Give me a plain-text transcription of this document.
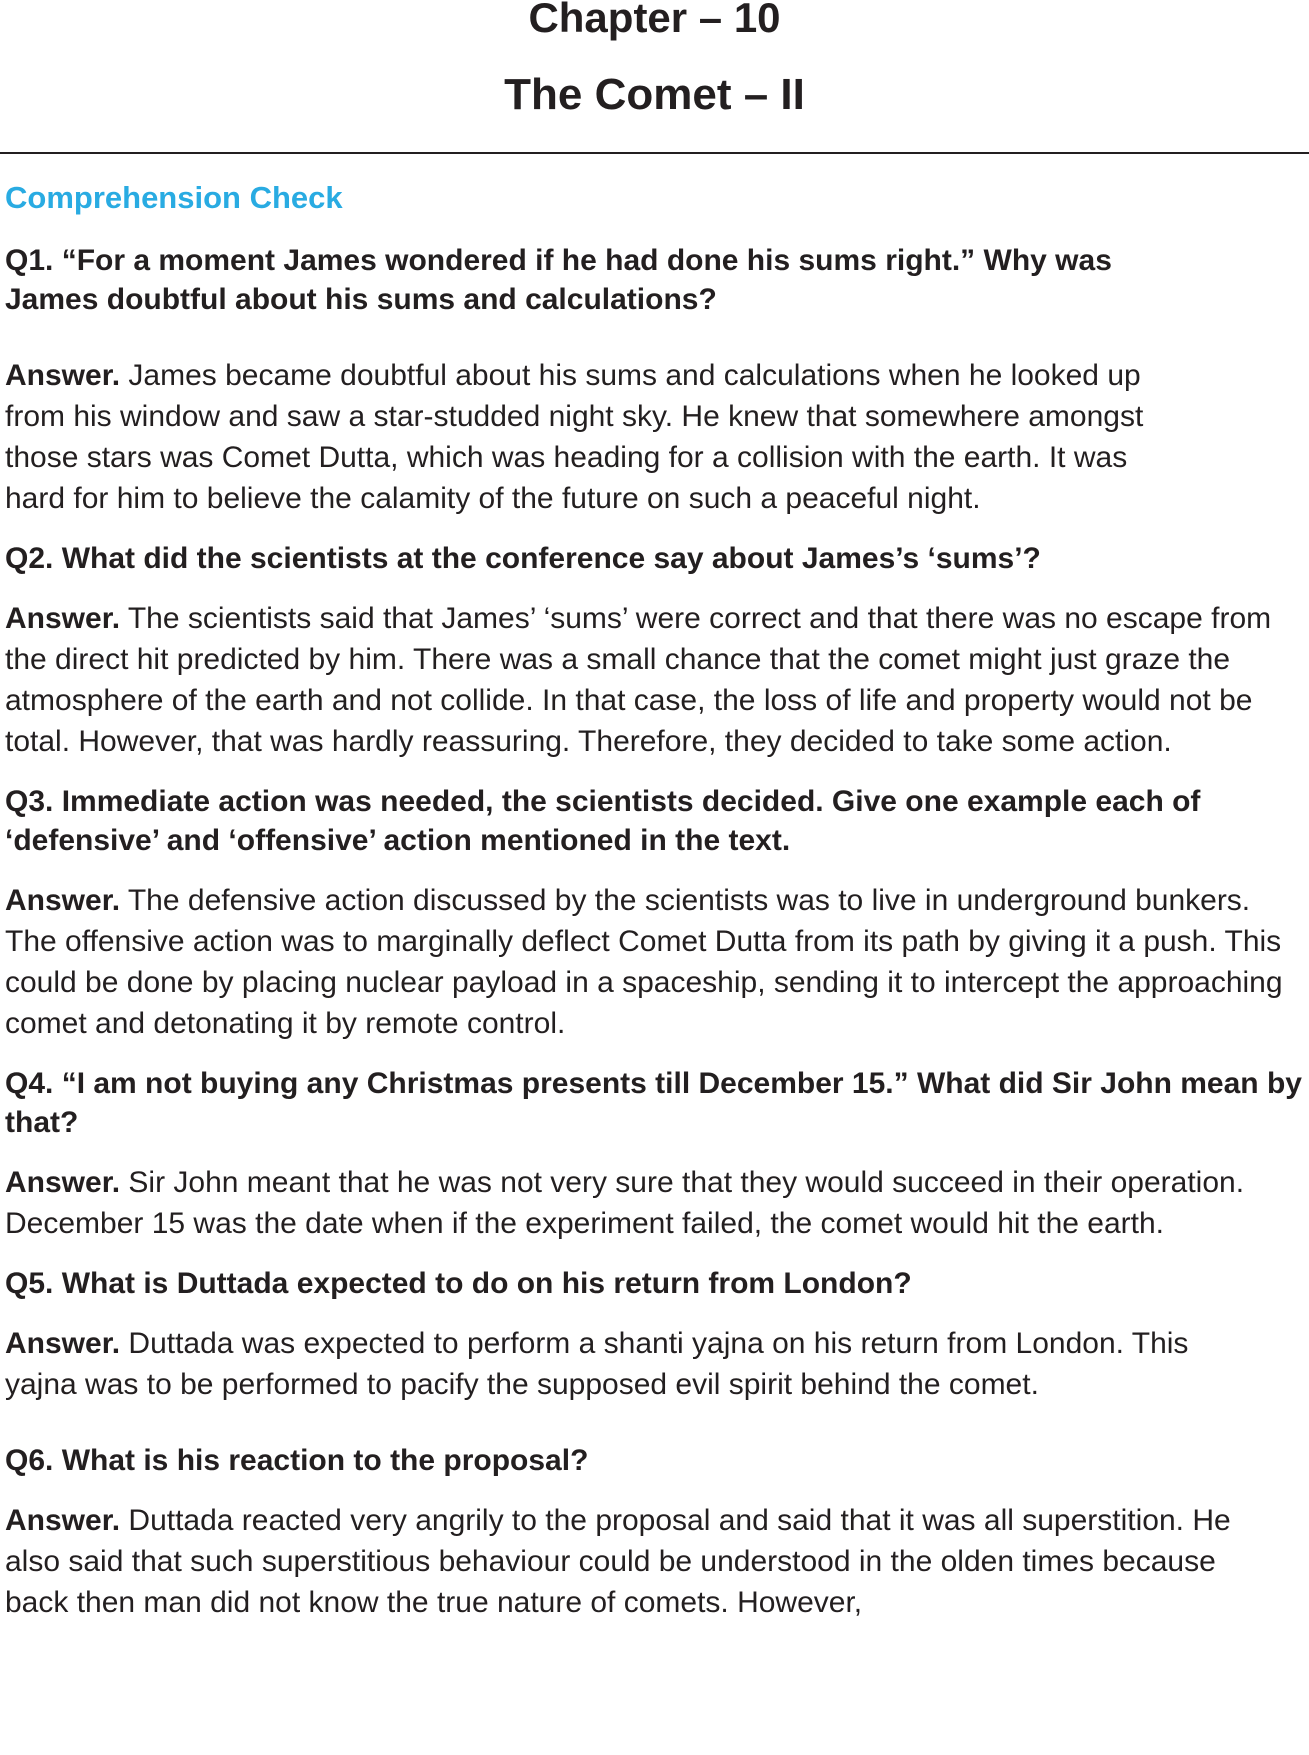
Chapter – 10
The Comet – II
Comprehension Check

Q1. “For a moment James wondered if he had done his sums right.” Why was James doubtful about his sums and calculations?

Answer. James became doubtful about his sums and calculations when he looked up from his window and saw a star-studded night sky. He knew that somewhere amongst those stars was Comet Dutta, which was heading for a collision with the earth. It was hard for him to believe the calamity of the future on such a peaceful night.

Q2. What did the scientists at the conference say about James’s ‘sums’?

Answer. The scientists said that James’ ‘sums’ were correct and that there was no escape from the direct hit predicted by him. There was a small chance that the comet might just graze the atmosphere of the earth and not collide. In that case, the loss of life and property would not be total. However, that was hardly reassuring. Therefore, they decided to take some action.

Q3. Immediate action was needed, the scientists decided. Give one example each of ‘defensive’ and ‘offensive’ action mentioned in the text.

Answer. The defensive action discussed by the scientists was to live in underground bunkers. The offensive action was to marginally deflect Comet Dutta from its path by giving it a push. This could be done by placing nuclear payload in a spaceship, sending it to intercept the approaching comet and detonating it by remote control.

Q4. “I am not buying any Christmas presents till December 15.” What did Sir John mean by that?

Answer. Sir John meant that he was not very sure that they would succeed in their operation. December 15 was the date when if the experiment failed, the comet would hit the earth.

Q5. What is Duttada expected to do on his return from London?

Answer. Duttada was expected to perform a shanti yajna on his return from London. This yajna was to be performed to pacify the supposed evil spirit behind the comet.

Q6. What is his reaction to the proposal?

Answer. Duttada reacted very angrily to the proposal and said that it was all superstition. He also said that such superstitious behaviour could be understood in the olden times because back then man did not know the true nature of comets. However,
